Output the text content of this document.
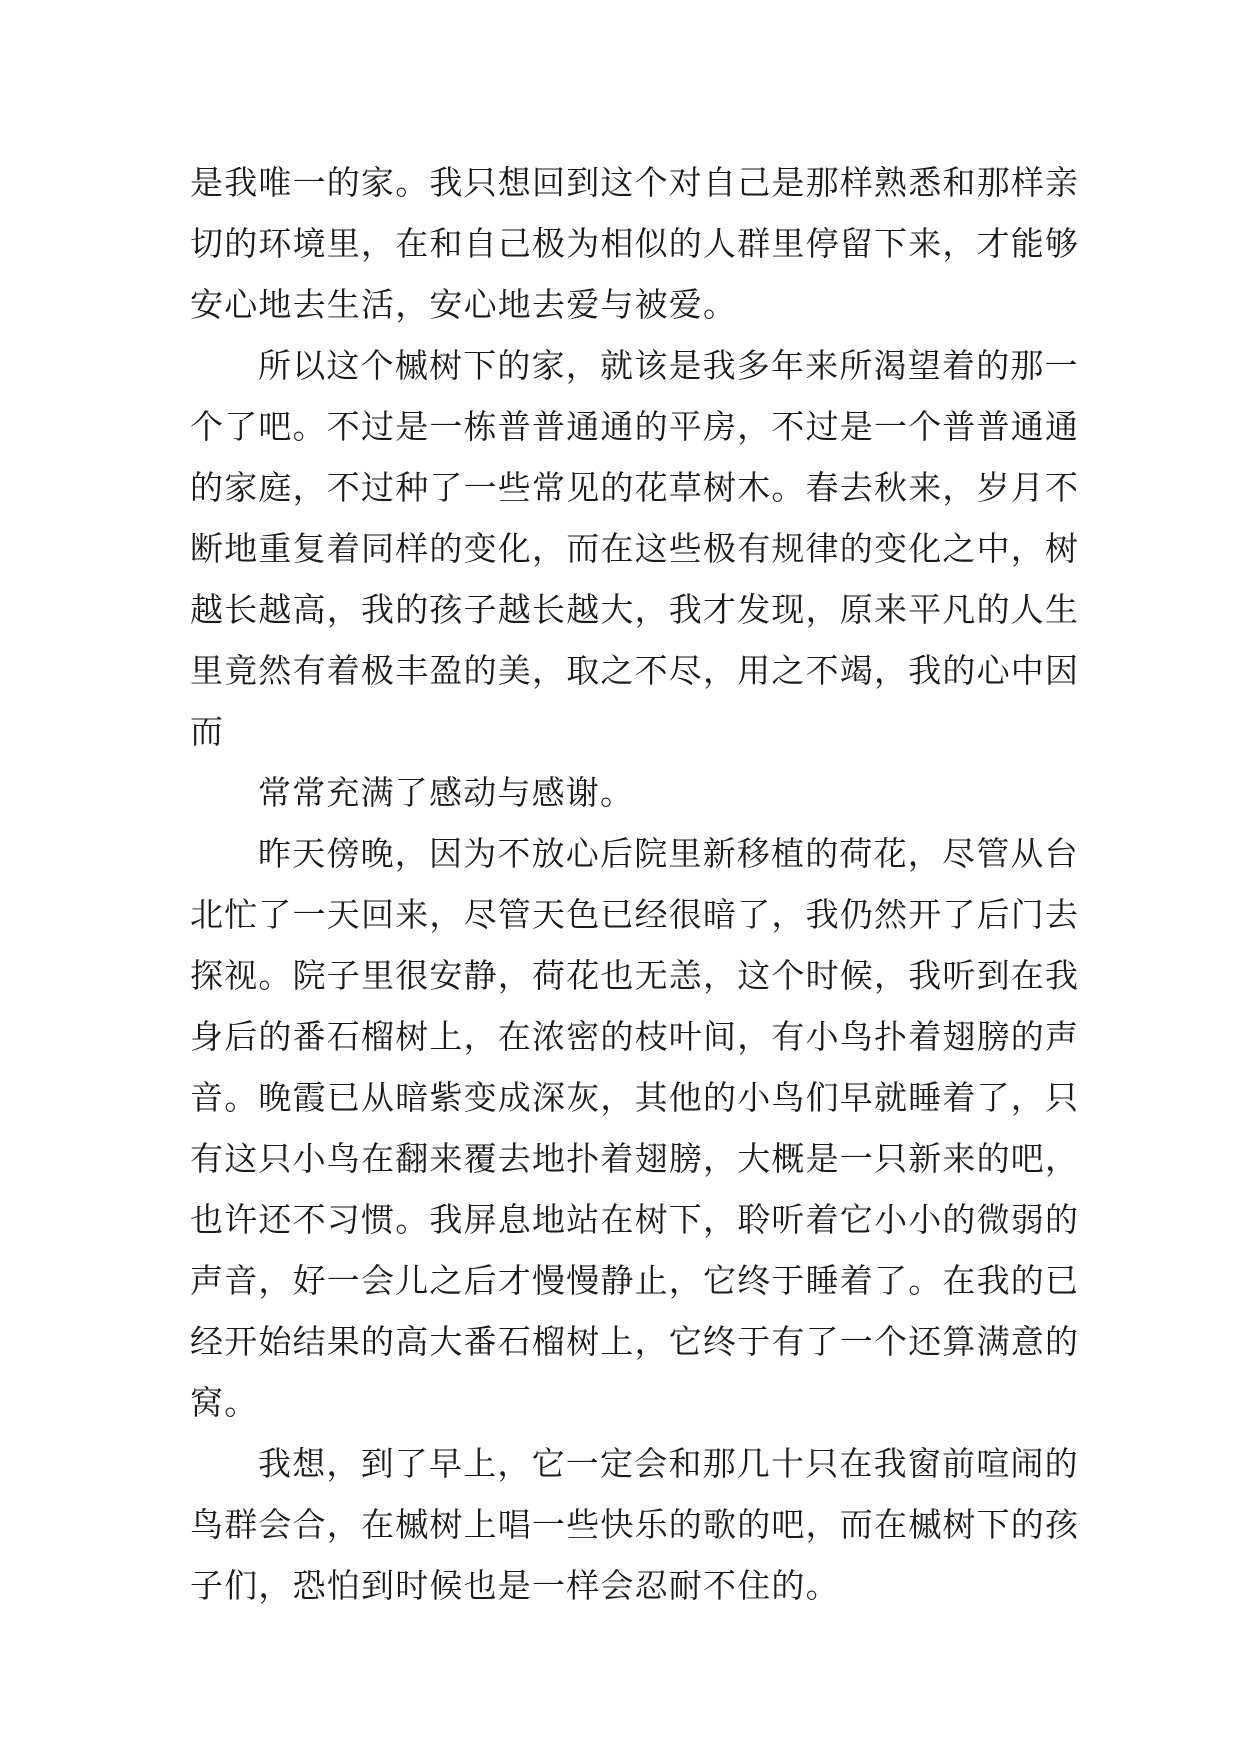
是我唯一的家。我只想回到这个对自己是那样熟悉和那样亲
切的环境里，在和自己极为相似的人群里停留下来，才能够
安心地去生活，安心地去爱与被爱。
所以这个槭树下的家，就该是我多年来所渴望着的那一
个了吧。不过是一栋普普通通的平房，不过是一个普普通通
的家庭，不过种了一些常见的花草树木。春去秋来，岁月不
断地重复着同样的变化，而在这些极有规律的变化之中，树
越长越高，我的孩子越长越大，我才发现，原来平凡的人生
里竟然有着极丰盈的美，取之不尽，用之不竭，我的心中因
而
常常充满了感动与感谢。
昨天傍晚，因为不放心后院里新移植的荷花，尽管从台
北忙了一天回来，尽管天色已经很暗了，我仍然开了后门去
探视。院子里很安静，荷花也无恙，这个时候，我听到在我
身后的番石榴树上，在浓密的枝叶间，有小鸟扑着翅膀的声
音。晚霞已从暗紫变成深灰，其他的小鸟们早就睡着了，只
有这只小鸟在翻来覆去地扑着翅膀，大概是一只新来的吧，
也许还不习惯。我屏息地站在树下，聆听着它小小的微弱的
声音，好一会儿之后才慢慢静止，它终于睡着了。在我的已
经开始结果的高大番石榴树上，它终于有了一个还算满意的
窝。
我想，到了早上，它一定会和那几十只在我窗前喧闹的
鸟群会合，在槭树上唱一些快乐的歌的吧，而在槭树下的孩
子们，恐怕到时候也是一样会忍耐不住的。
